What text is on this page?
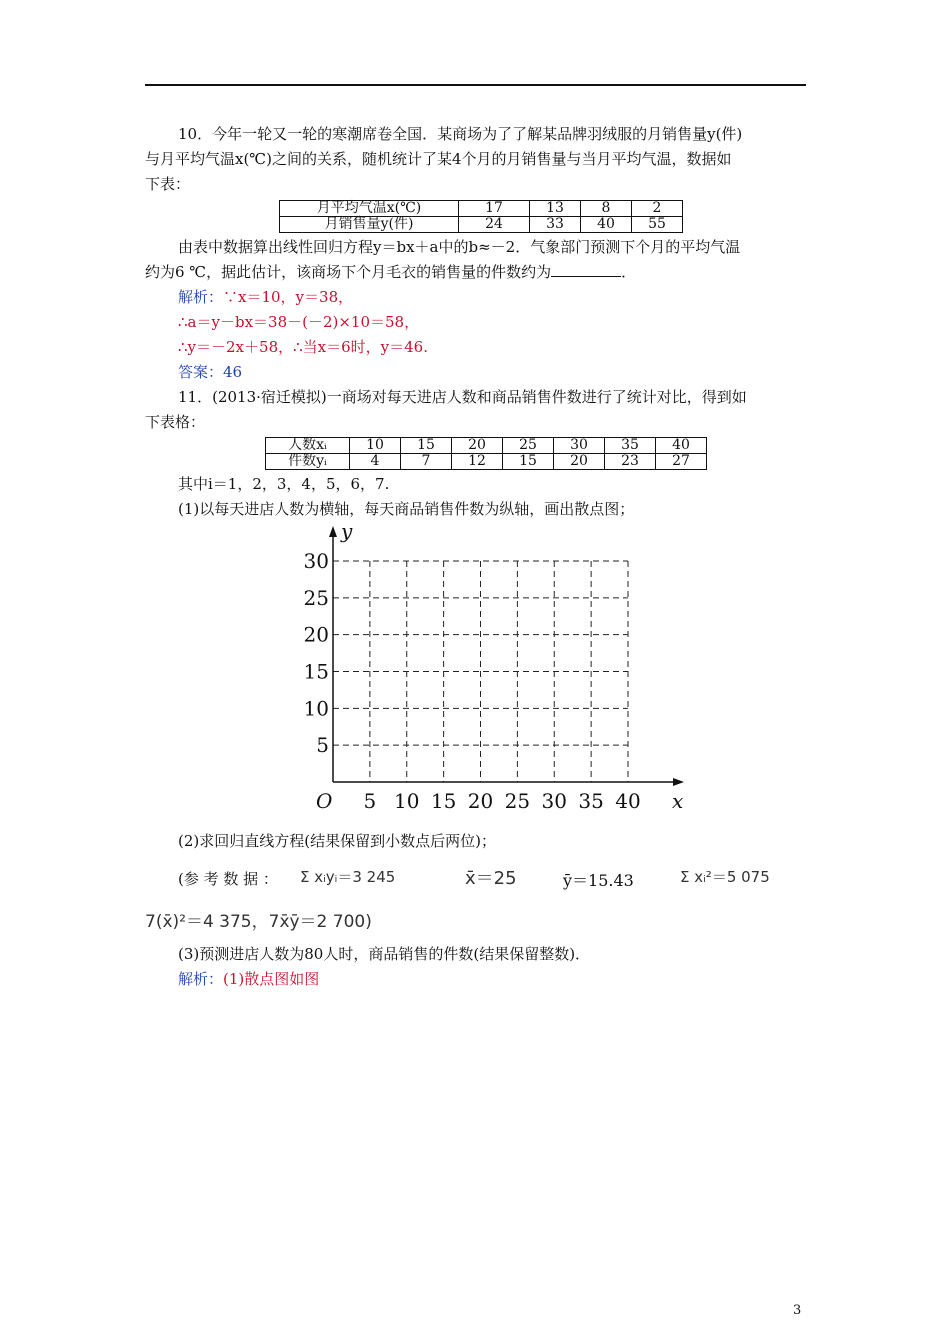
10．今年一轮又一轮的寒潮席卷全国．某商场为了了解某品牌羽绒服的月销售量y(件)
与月平均气温x(℃)之间的关系，随机统计了某4个月的月销售量与当月平均气温，数据如
下表：
月平均气温x(℃)	17	13	8	2
月销售量y(件)	24	33	40	55
由表中数据算出线性回归方程y＝bx＋a中的b≈－2．气象部门预测下个月的平均气温
约为6 ℃，据此估计，该商场下个月毛衣的销售量的件数约为	．
解析：∵x＝10，y＝38，
∴a＝y－bx＝38－(－2)×10＝58，
∴y＝－2x＋58，∴当x＝6时，y＝46.
答案：46
11．(2013·宿迁模拟)一商场对每天进店人数和商品销售件数进行了统计对比，得到如
下表格：
人数xᵢ	10	15	20	25	30	35	40
件数yᵢ	4	7	12	15	20	23	27
其中i＝1，2，3，4，5，6，7.
(1)以每天进店人数为横轴，每天商品销售件数为纵轴，画出散点图；
5 10 15 20 25 30 35 40
5
10
15
20
25
30
O	x
y
(2)求回归直线方程(结果保留到小数点后两位)；
(参 考 数 据 ： Σ xᵢyᵢ＝3 245	x̄＝25	ȳ＝15.43	Σ xᵢ²＝5 075
7(x̄)²＝4 375，7x̄ȳ＝2 700)
(3)预测进店人数为80人时，商品销售的件数(结果保留整数)．
解析：(1)散点图如图
3
